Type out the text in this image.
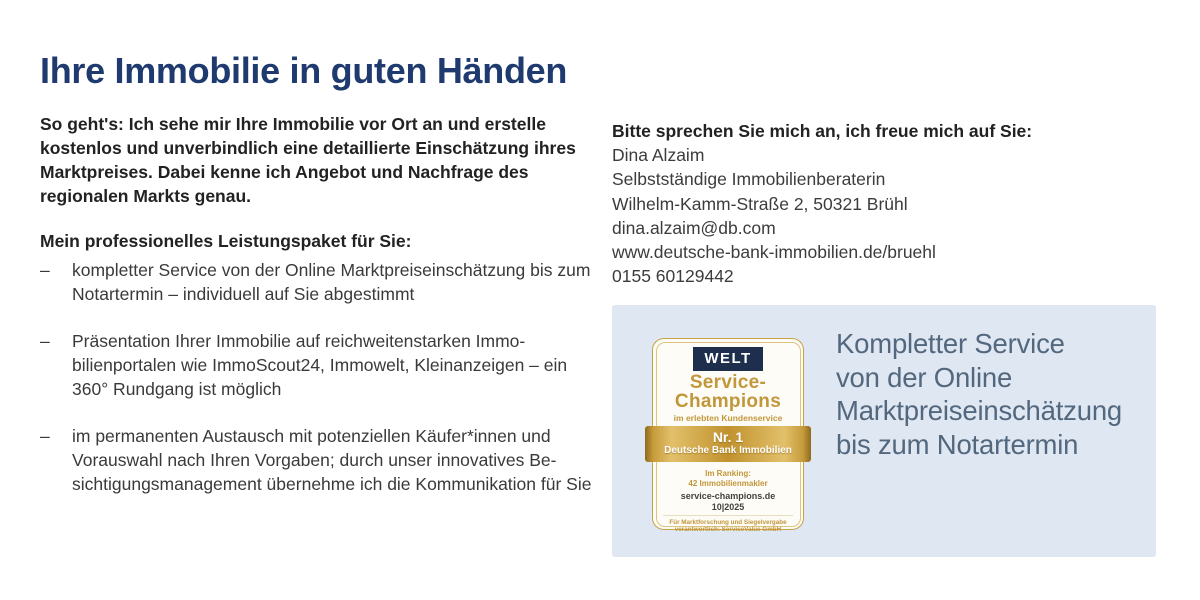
Ihre Immobilie in guten Händen

So geht's: Ich sehe mir Ihre Immobilie vor Ort an und erstelle kostenlos und unverbindlich eine detaillierte Einschätzung ihres Marktpreises. Dabei kenne ich Angebot und Nachfrage des regionalen Markts genau.

Mein professionelles Leistungspaket für Sie:
– kompletter Service von der Online Marktpreiseinschätzung bis zum Notartermin – individuell auf Sie abgestimmt
– Präsentation Ihrer Immobilie auf reichweitenstarken Immobilienportalen wie ImmoScout24, Immowelt, Kleinanzeigen – ein 360° Rundgang ist möglich
– im permanenten Austausch mit potenziellen Käufer*innen und Vorauswahl nach Ihren Vorgaben; durch unser innovatives Besichtigungsmanagement übernehme ich die Kommunikation für Sie
Bitte sprechen Sie mich an, ich freue mich auf Sie:
Dina Alzaim
Selbstständige Immobilienberaterin
Wilhelm-Kamm-Straße 2, 50321 Brühl
dina.alzaim@db.com
www.deutsche-bank-immobilien.de/bruehl
0155 60129442
WELT
Service-
Champions
im erlebten Kundenservice
Nr. 1
Deutsche Bank Immobilien
Im Ranking:
42 Immobilienmakler
service-champions.de
10|2025
Für Marktforschung und Siegelvergabe
verantwortlich: ServiceValue GmbH
Kompletter Service
von der Online
Marktpreiseinschätzung
bis zum Notartermin
